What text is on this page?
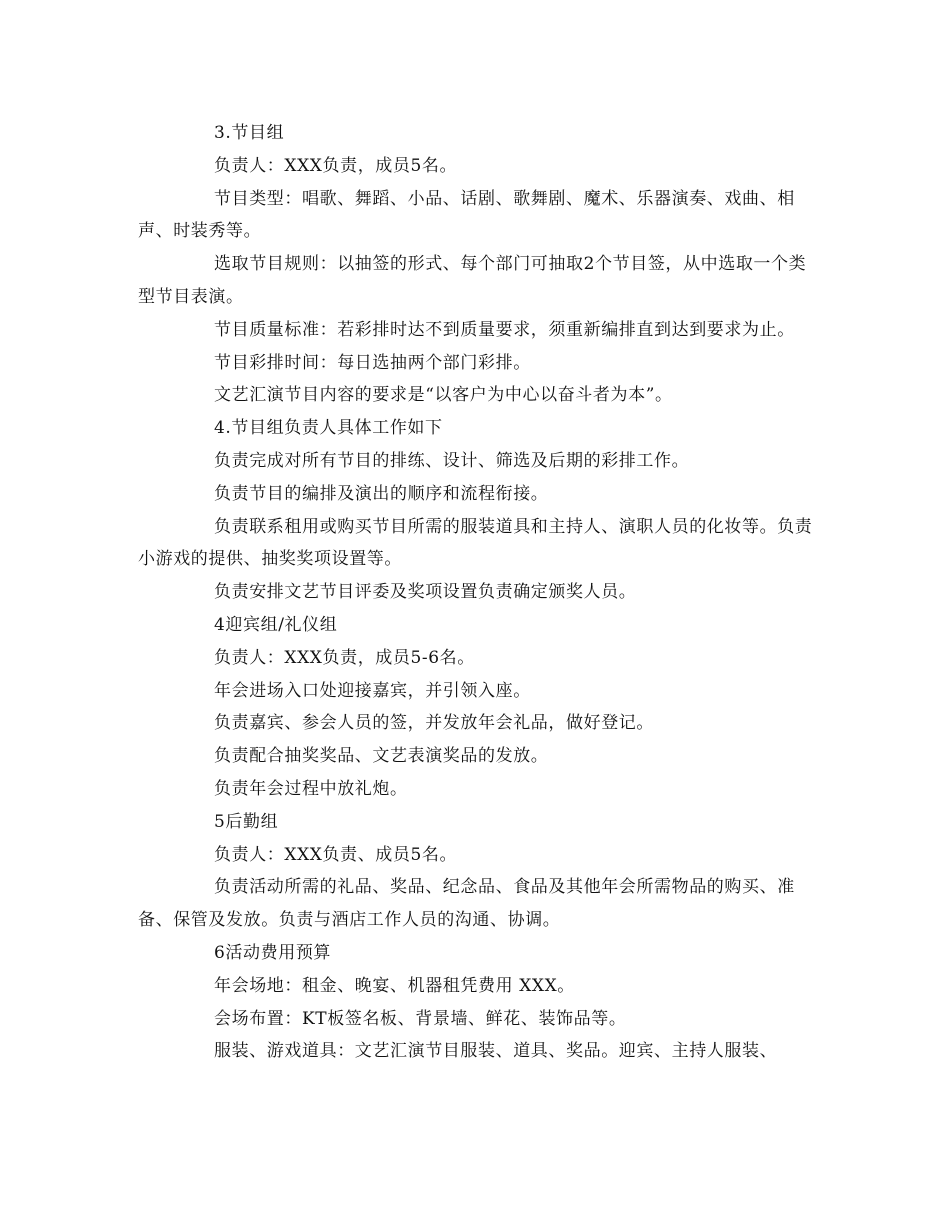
3.节目组

负责人：XXX负责，成员5名。

节目类型：唱歌、舞蹈、小品、话剧、歌舞剧、魔术、乐器演奏、戏曲、相声、时装秀等。

选取节目规则：以抽签的形式、每个部门可抽取2个节目签，从中选取一个类型节目表演。

节目质量标准：若彩排时达不到质量要求，须重新编排直到达到要求为止。

节目彩排时间：每日选抽两个部门彩排。

文艺汇演节目内容的要求是“以客户为中心以奋斗者为本”。

4.节目组负责人具体工作如下

负责完成对所有节目的排练、设计、筛选及后期的彩排工作。

负责节目的编排及演出的顺序和流程衔接。

负责联系租用或购买节目所需的服装道具和主持人、演职人员的化妆等。负责小游戏的提供、抽奖奖项设置等。

负责安排文艺节目评委及奖项设置负责确定颁奖人员。

4迎宾组/礼仪组

负责人：XXX负责，成员5-6名。

年会进场入口处迎接嘉宾，并引领入座。

负责嘉宾、参会人员的签，并发放年会礼品，做好登记。

负责配合抽奖奖品、文艺表演奖品的发放。

负责年会过程中放礼炮。

5后勤组

负责人：XXX负责、成员5名。

负责活动所需的礼品、奖品、纪念品、食品及其他年会所需物品的购买、准备、保管及发放。负责与酒店工作人员的沟通、协调。

6活动费用预算

年会场地：租金、晚宴、机器租凭费用 XXX。

会场布置：KT板签名板、背景墙、鲜花、装饰品等。

服装、游戏道具：文艺汇演节目服装、道具、奖品。迎宾、主持人服装、
